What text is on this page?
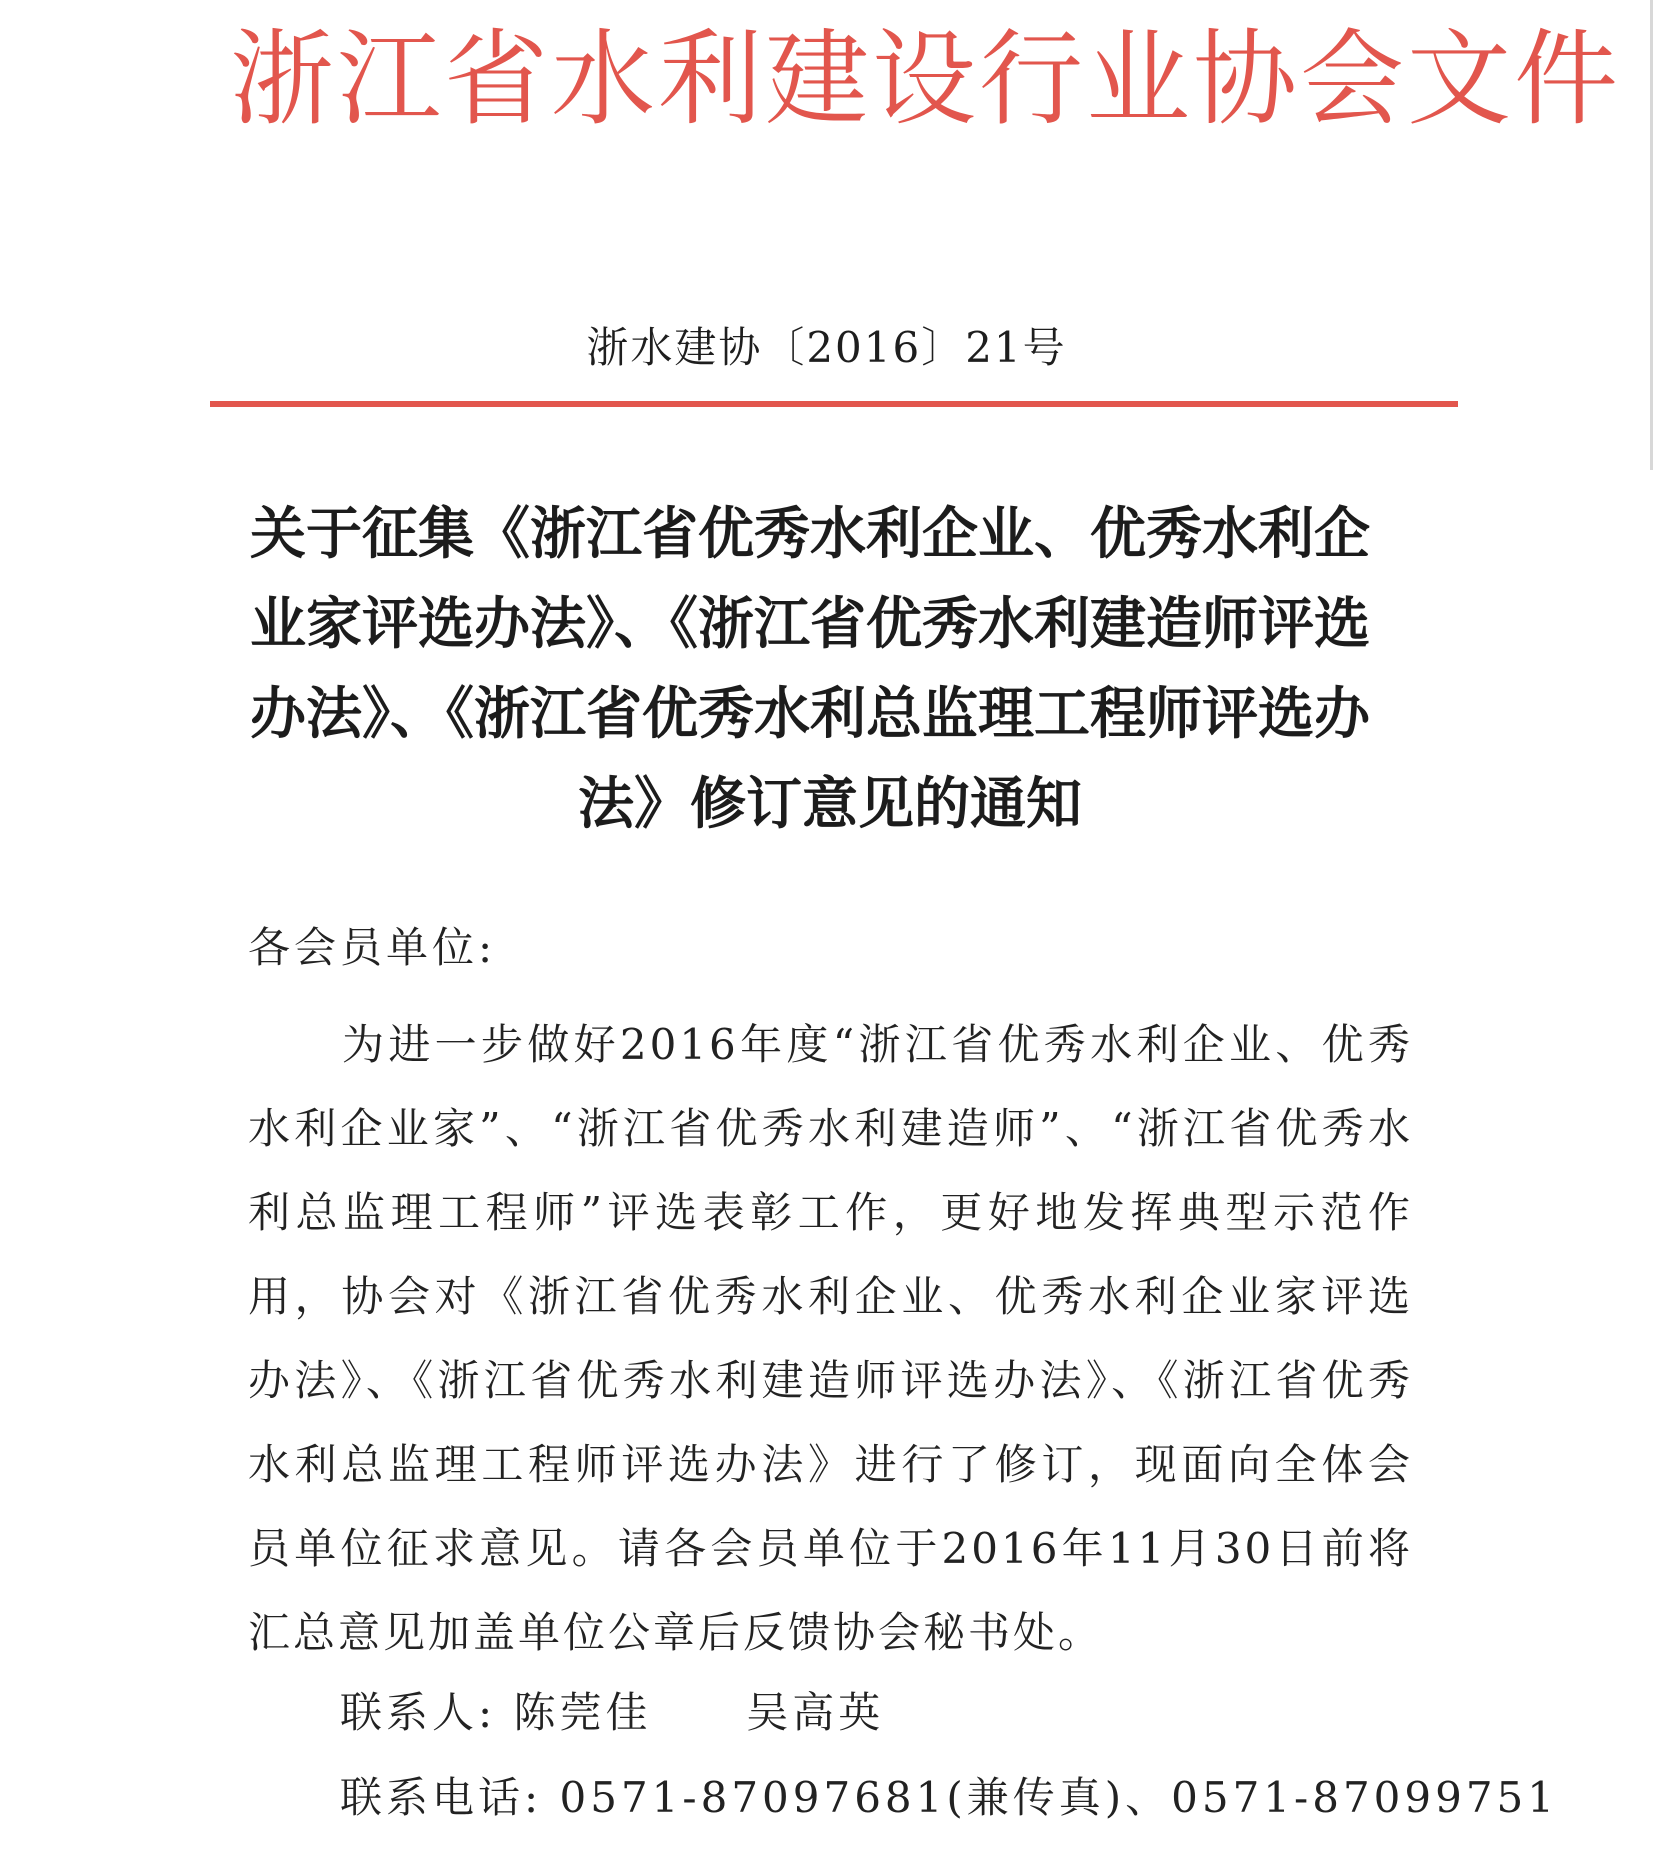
浙江省水利建设行业协会文件
浙水建协〔2016〕21号
关于征集《浙江省优秀水利企业、优秀水利企
业家评选办法》、《浙江省优秀水利建造师评选
办法》、《浙江省优秀水利总监理工程师评选办
法》修订意见的通知
各会员单位:
为进一步做好2016年度“浙江省优秀水利企业、优秀水利企业家”、“浙江省优秀水利建造师”、“浙江省优秀水利总监理工程师”评选表彰工作，更好地发挥典型示范作用，协会对《浙江省优秀水利企业、优秀水利企业家评选办法》、《浙江省优秀水利建造师评选办法》、《浙江省优秀水利总监理工程师评选办法》进行了修订，现面向全体会员单位征求意见。请各会员单位于2016年11月30日前将汇总意见加盖单位公章后反馈协会秘书处。
联系人: 陈莞佳 吴高英
联系电话: 0571-87097681(兼传真)、0571-87099751
